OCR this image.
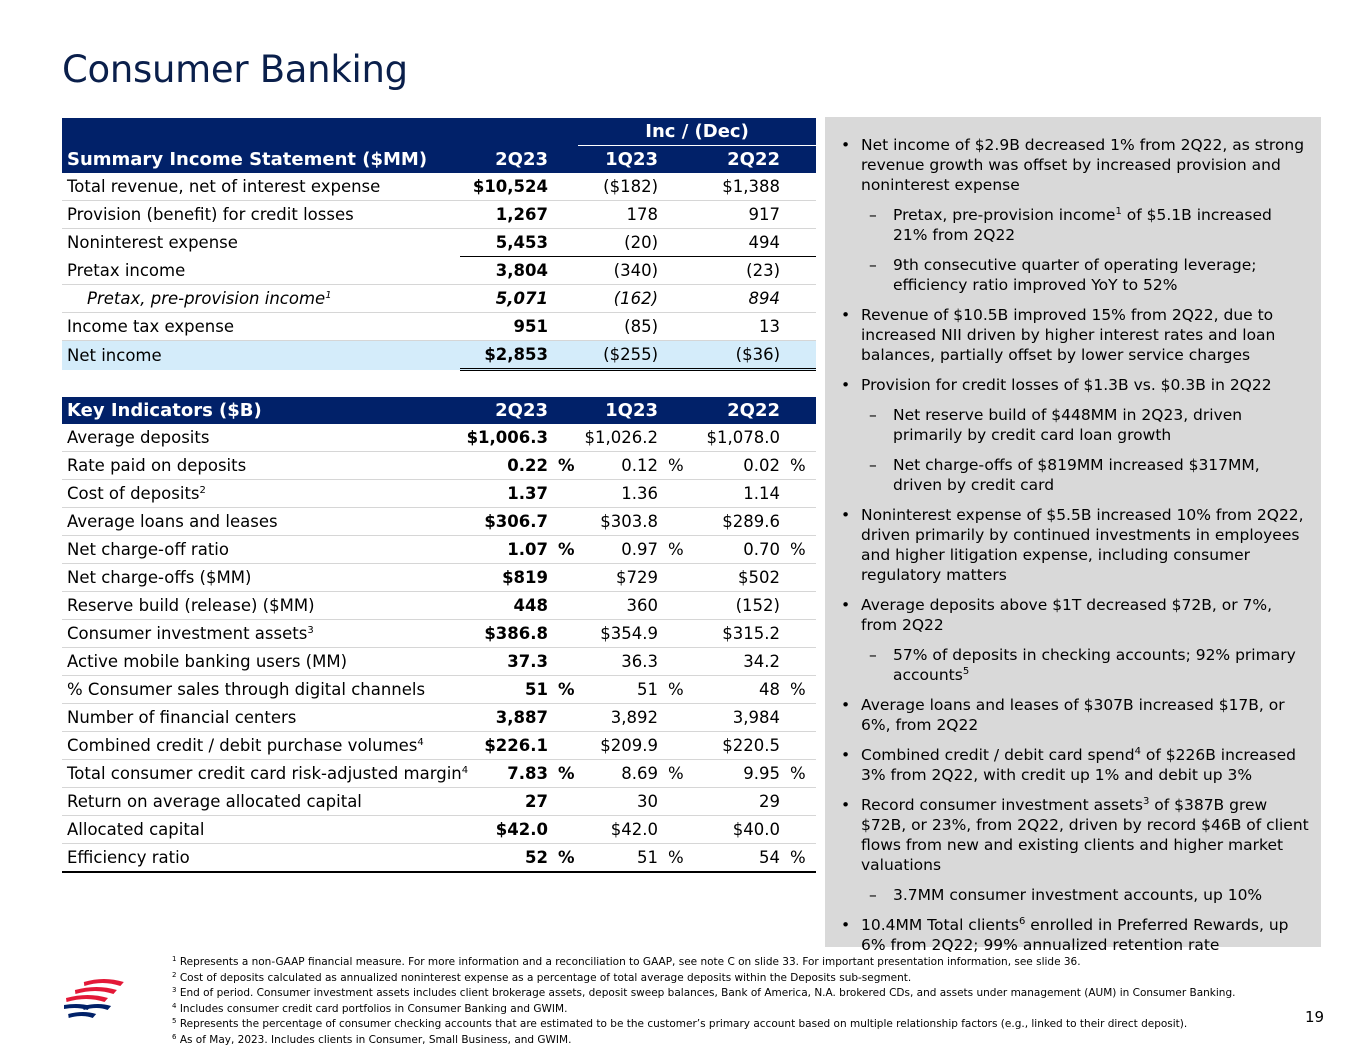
Consumer Banking
			Inc / (Dec)			
Summary Income Statement ($MM)	2Q23		1Q23		2Q22	
Total revenue, net of interest expense	$10,524		($182)		$1,388	
Provision (benefit) for credit losses	1,267		178		917	
Noninterest expense	5,453		(20)		494	
Pretax income	3,804		(340)		(23)	
Pretax, pre-provision income$^1$	5,071		(162)		894	
Income tax expense	951		(85)		13	
Net income	$2,853		($255)		($36)	
Key Indicators ($B)	2Q23		1Q23		2Q22	
Average deposits	$1,006.3		$1,026.2		$1,078.0	
Rate paid on deposits	0.22	%	0.12	%	0.02	%
Cost of deposits$^2$	1.37		1.36		1.14	
Average loans and leases	$306.7		$303.8		$289.6	
Net charge-off ratio	1.07	%	0.97	%	0.70	%
Net charge-offs ($MM)	$819		$729		$502	
Reserve build (release) ($MM)	448		360		(152)	
Consumer investment assets$^3$	$386.8		$354.9		$315.2	
Active mobile banking users (MM)	37.3		36.3		34.2	
% Consumer sales through digital channels	51	%	51	%	48	%
Number of financial centers	3,887		3,892		3,984	
Combined credit / debit purchase volumes$^4$	$226.1		$209.9		$220.5	
Total consumer credit card risk-adjusted margin$^4$	7.83	%	8.69	%	9.95	%
Return on average allocated capital	27		30		29	
Allocated capital	$42.0		$42.0		$40.0	
Efficiency ratio	52	%	51	%	54	%
• Net income of $2.9B decreased 1% from 2Q22, as strong revenue growth was offset by increased provision and noninterest expense
– Pretax, pre-provision income$^1$ of $5.1B increased 21% from 2Q22
– 9th consecutive quarter of operating leverage; efficiency ratio improved YoY to 52%
• Revenue of $10.5B improved 15% from 2Q22, due to increased NII driven by higher interest rates and loan balances, partially offset by lower service charges
• Provision for credit losses of $1.3B vs. $0.3B in 2Q22
– Net reserve build of $448MM in 2Q23, driven primarily by credit card loan growth
– Net charge-offs of $819MM increased $317MM, driven by credit card
• Noninterest expense of $5.5B increased 10% from 2Q22, driven primarily by continued investments in employees and higher litigation expense, including consumer regulatory matters
• Average deposits above $1T decreased $72B, or 7%, from 2Q22
– 57% of deposits in checking accounts; 92% primary accounts$^5$
• Average loans and leases of $307B increased $17B, or 6%, from 2Q22
• Combined credit / debit card spend$^4$ of $226B increased 3% from 2Q22, with credit up 1% and debit up 3%
• Record consumer investment assets$^3$ of $387B grew $72B, or 23%, from 2Q22, driven by record $46B of client flows from new and existing clients and higher market valuations
– 3.7MM consumer investment accounts, up 10%
• 10.4MM Total clients$^6$ enrolled in Preferred Rewards, up 6% from 2Q22; 99% annualized retention rate
$^1$ Represents a non-GAAP financial measure. For more information and a reconciliation to GAAP, see note C on slide 33. For important presentation information, see slide 36.
$^2$ Cost of deposits calculated as annualized noninterest expense as a percentage of total average deposits within the Deposits sub-segment.
$^3$ End of period. Consumer investment assets includes client brokerage assets, deposit sweep balances, Bank of America, N.A. brokered CDs, and assets under management (AUM) in Consumer Banking.
$^4$ Includes consumer credit card portfolios in Consumer Banking and GWIM.
$^5$ Represents the percentage of consumer checking accounts that are estimated to be the customer’s primary account based on multiple relationship factors (e.g., linked to their direct deposit).
$^6$ As of May, 2023. Includes clients in Consumer, Small Business, and GWIM.
19
